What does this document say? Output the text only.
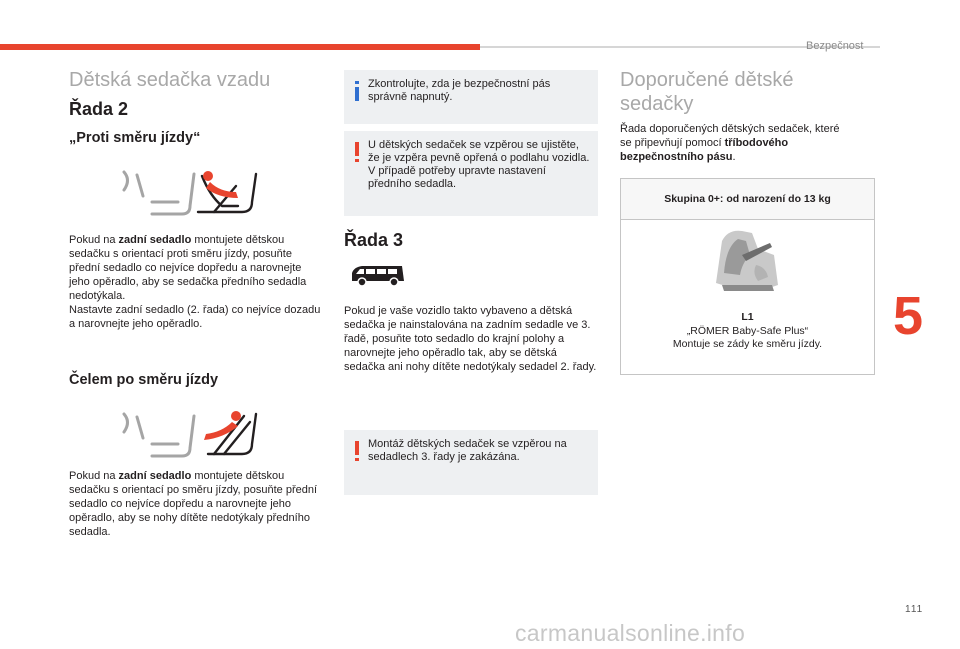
Bezpečnost
5
Dětská sedačka vzadu
Řada 2
„Proti směru jízdy“
Pokud na zadní sedadlo montujete dětskou sedačku s orientací proti směru jízdy, posuňte přední sedadlo co nejvíce dopředu a narovnejte jeho opěradlo, aby se sedačka předního sedadla nedotýkala.
Nastavte zadní sedadlo (2. řada) co nejvíce dozadu a narovnejte jeho opěradlo.
Čelem po směru jízdy
Pokud na zadní sedadlo montujete dětskou sedačku s orientací po směru jízdy, posuňte přední sedadlo co nejvíce dopředu a narovnejte jeho opěradlo, aby se nohy dítěte nedotýkaly předního sedadla.
Zkontrolujte, zda je bezpečnostní pás správně napnutý.
U dětských sedaček se vzpěrou se ujistěte, že je vzpěra pevně opřená o podlahu vozidla. V případě potřeby upravte nastavení předního sedadla.
Řada 3
Pokud je vaše vozidlo takto vybaveno a dětská sedačka je nainstalována na zadním sedadle ve 3. řadě, posuňte toto sedadlo do krajní polohy a narovnejte jeho opěradlo tak, aby se dětská sedačka ani nohy dítěte nedotýkaly sedadel 2. řady.
Montáž dětských sedaček se vzpěrou na sedadlech 3. řady je zakázána.
Doporučené dětské sedačky
Řada doporučených dětských sedaček, které se připevňují pomocí tříbodového bezpečnostního pásu.
Skupina 0+: od narození do 13 kg
L1
„RÖMER Baby-Safe Plus“
Montuje se zády ke směru jízdy.
111
carmanualsonline.info
